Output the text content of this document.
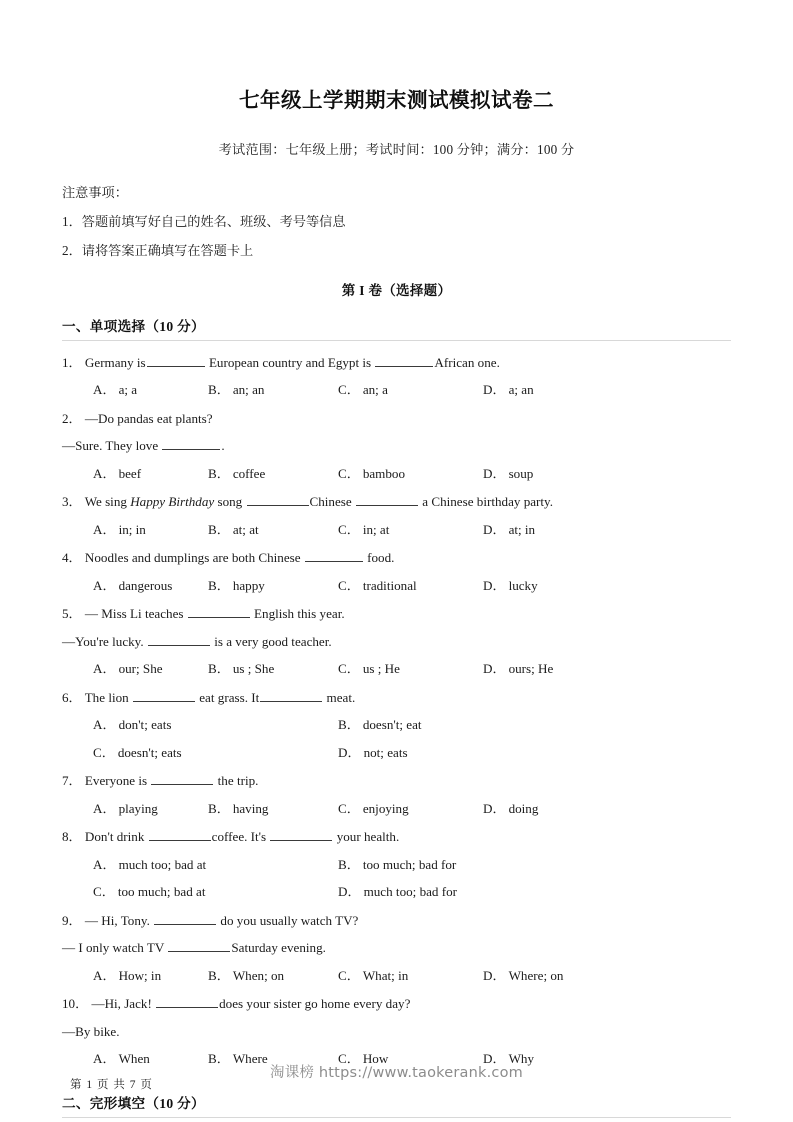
七年级上学期期末测试模拟试卷二

考试范围：七年级上册；考试时间：100 分钟；满分：100 分

注意事项：
1．答题前填写好自己的姓名、班级、考号等信息
2．请将答案正确填写在答题卡上
第 I 卷（选择题）
一、单项选择（10 分）
1． Germany is	European country and Egypt is	African one.
A． a; a	B． an; an	C． an; a	D． a; an
2． —Do pandas eat plants?
—Sure. They love	.
A． beef	B． coffee	C． bamboo	D． soup
3． We sing Happy Birthday song	Chinese	a Chinese birthday party.
A． in; in	B． at; at	C． in; at	D． at; in
4． Noodles and dumplings are both Chinese	food.
A． dangerous	B． happy	C． traditional	D． lucky
5． — Miss Li teaches	English this year.
—You're lucky.	is a very good teacher.
A． our; She	B． us ; She	C． us ; He	D． ours; He
6． The lion	eat grass. It	meat.
A． don't; eats	B． doesn't; eat
C． doesn't; eats	D． not; eats
7． Everyone is	the trip.
A． playing	B． having	C． enjoying	D． doing
8． Don't drink	coffee. It's	your health.
A． much too; bad at	B． too much; bad for
C． too much; bad at	D． much too; bad for
9． — Hi, Tony.	do you usually watch TV?
— I only watch TV	Saturday evening.
A． How; in	B． When; on	C． What; in	D． Where; on
10． —Hi, Jack!	does your sister go home every day?
—By bike.
A． When	B． Where	C． How	D． Why
二、完形填空（10 分）
淘课榜 https://www.taokerank.com
第 1 页 共 7 页
